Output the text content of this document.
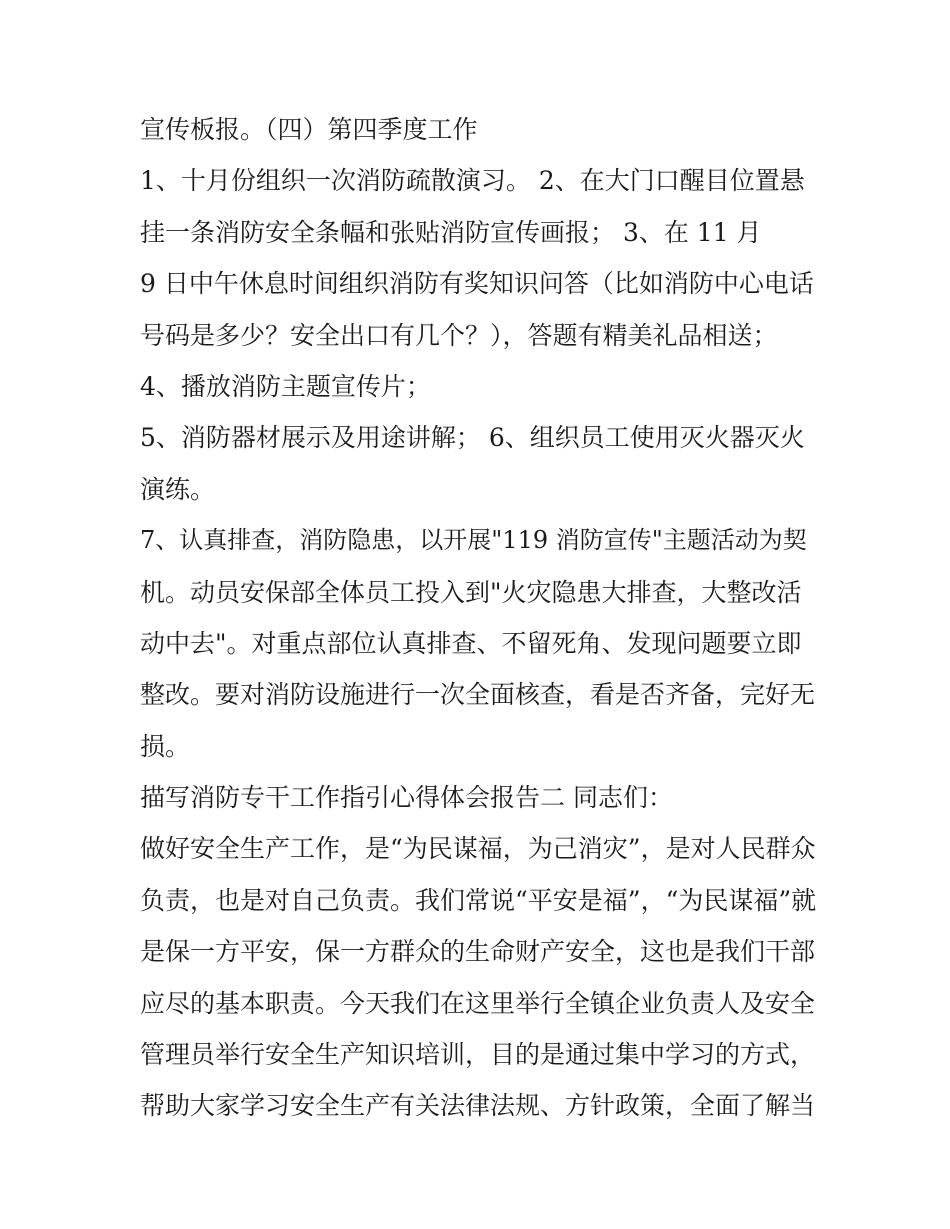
宣传板报。（四）第四季度工作
1、十月份组织一次消防疏散演习。 2、在大门口醒目位置悬
挂一条消防安全条幅和张贴消防宣传画报； 3、在 11 月
9 日中午休息时间组织消防有奖知识问答（比如消防中心电话
号码是多少？安全出口有几个？），答题有精美礼品相送；
4、播放消防主题宣传片；
5、消防器材展示及用途讲解； 6、组织员工使用灭火器灭火
演练。
7、认真排查，消防隐患，以开展"119 消防宣传"主题活动为契
机。动员安保部全体员工投入到"火灾隐患大排查，大整改活
动中去"。对重点部位认真排查、不留死角、发现问题要立即
整改。要对消防设施进行一次全面核查，看是否齐备，完好无
损。
描写消防专干工作指引心得体会报告二 同志们：
做好安全生产工作，是“为民谋福，为己消灾”，是对人民群众
负责，也是对自己负责。我们常说“平安是福”，“为民谋福”就
是保一方平安，保一方群众的生命财产安全，这也是我们干部
应尽的基本职责。今天我们在这里举行全镇企业负责人及安全
管理员举行安全生产知识培训，目的是通过集中学习的方式，
帮助大家学习安全生产有关法律法规、方针政策，全面了解当
